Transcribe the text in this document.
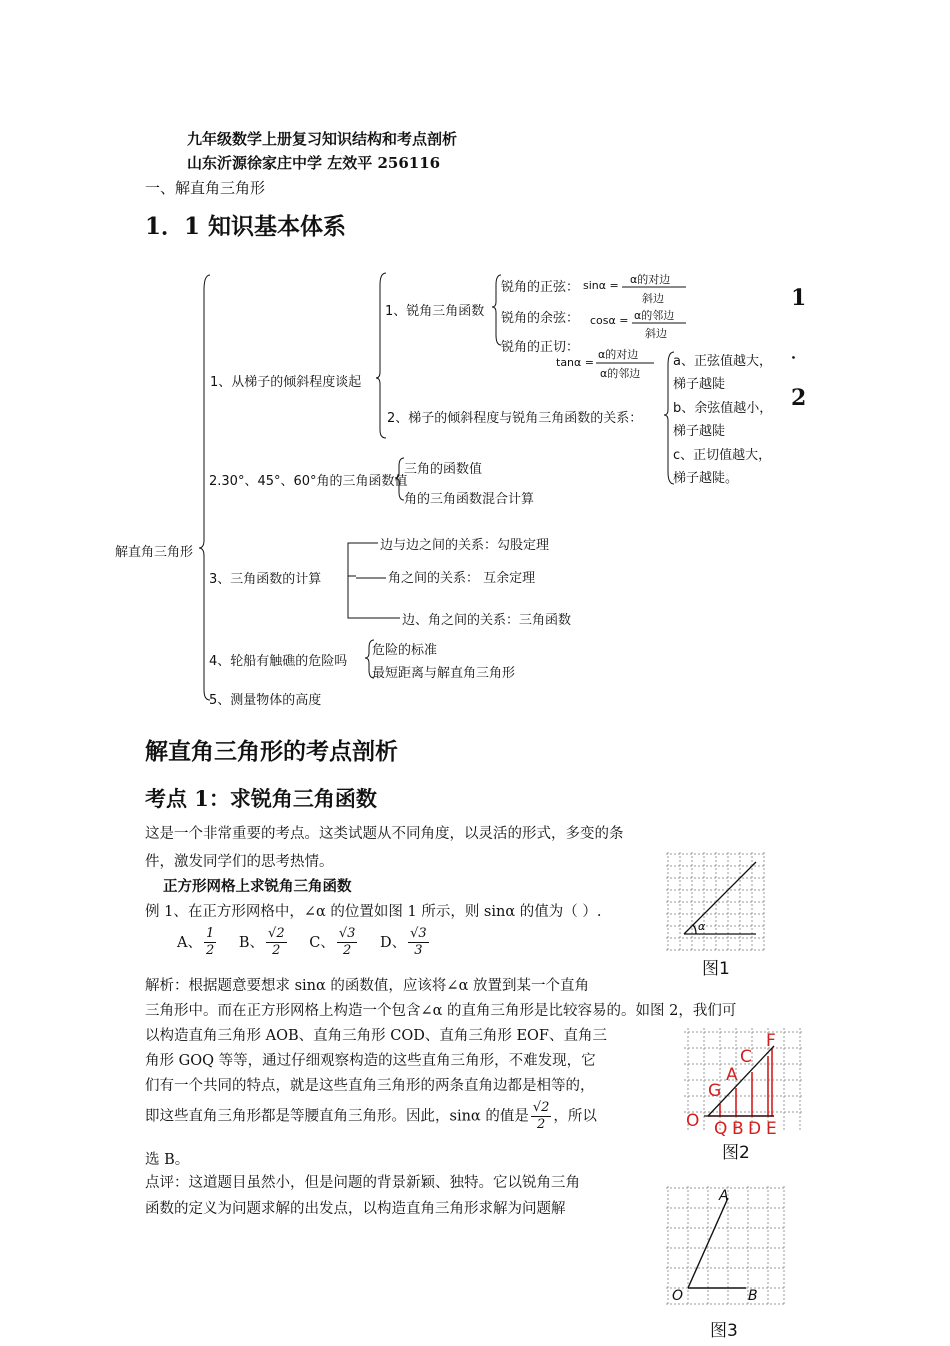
九年级数学上册复习知识结构和考点剖析
山东沂源徐家庄中学 左效平 256116
一、解直角三角形
1．1 知识基本体系
1
．
2
解直角三角形
1、从梯子的倾斜程度谈起
1、锐角三角函数
锐角的正弦： sinα = α的对边
斜边
锐角的余弦： cosα = α的邻边
斜边
锐角的正切：
tanα =
α的对边
α的邻边
2、梯子的倾斜程度与锐角三角函数的关系：
a、正弦值越大，
梯子越陡
b、余弦值越小，
梯子越陡
c、正切值越大，
梯子越陡。
2.30°、45°、60°角的三角函数值
三角的函数值
角的三角函数混合计算
3、三角函数的计算
边与边之间的关系：勾股定理
角之间的关系： 互余定理
边、角之间的关系：三角函数
4、轮船有触礁的危险吗
危险的标准
最短距离与解直角三角形
5、测量物体的高度
解直角三角形的考点剖析
考点 1：求锐角三角函数
这是一个非常重要的考点。这类试题从不同角度，以灵活的形式，多变的条件，激发同学们的思考热情。
正方形网格上求锐角三角函数
例 1、在正方形网格中，∠α 的位置如图 1 所示，则 sinα 的值为（ ）.
A、 $\frac{1}{2}$ B、 $\frac{√2}{2}$ C、 $\frac{√3}{2}$ D、 $\frac{√3}{3}$
解析：根据题意要想求 sinα 的函数值，应该将∠α 放置到某一个直角
三角形中。而在正方形网格上构造一个包含∠α 的直角三角形是比较容易的。如图 2，我们可
以构造直角三角形 AOB、直角三角形 COD、直角三角形 EOF、直角三
角形 GOQ 等等，通过仔细观察构造的这些直角三角形，不难发现，它
们有一个共同的特点，就是这些直角三角形的两条直角边都是相等的，
即这些直角三角形都是等腰直角三角形。因此，sinα 的值是 $\frac{√2}{2}$ ，所以
选 B。
点评：这道题目虽然小，但是问题的背景新颖、独特。它以锐角三角
函数的定义为问题求解的出发点，以构造直角三角形求解为问题解
α
图1
F
C
A
G
O Q B D E
图2
A
O	B
图3
